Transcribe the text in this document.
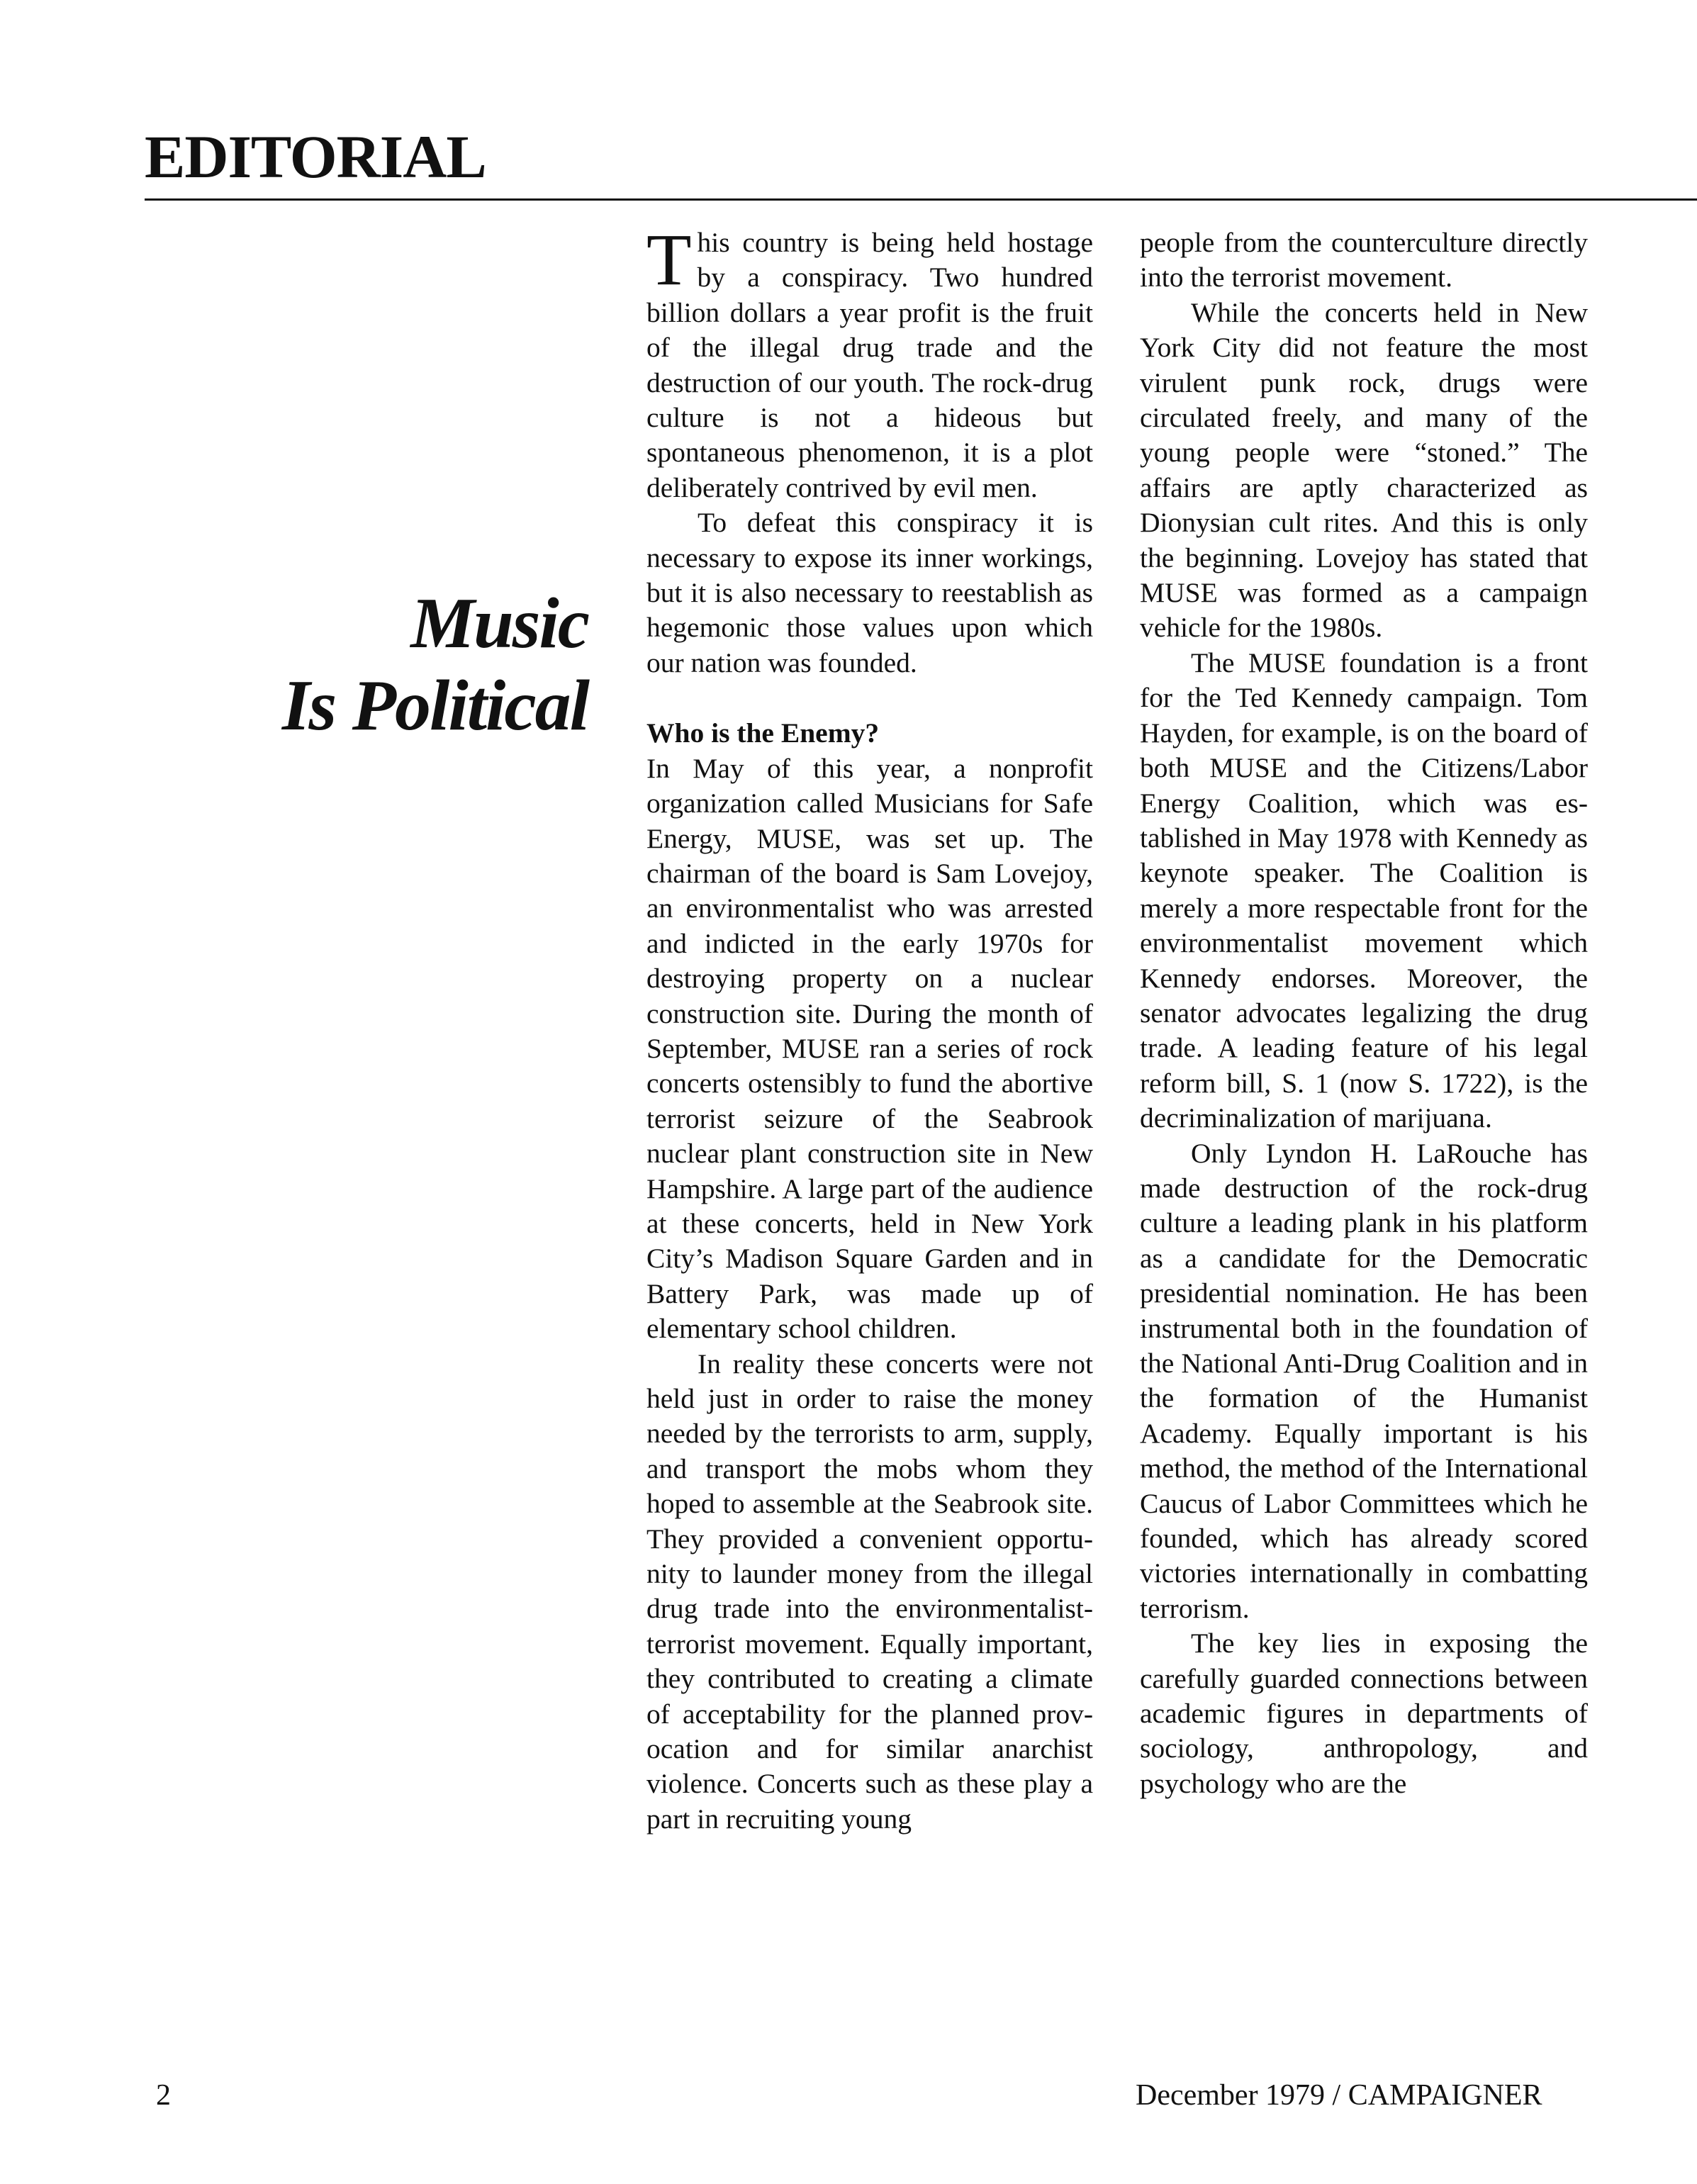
EDITORIAL
Music
Is Political

This country is being held hostage by a conspiracy. Two hundred billion dollars a year profit is the fruit of the illegal drug trade and the destruction of our youth. The rock-drug culture is not a hideous but spontaneous phenomenon, it is a plot deliberately contrived by evil men.

To defeat this conspiracy it is necessary to expose its inner workings, but it is also necessary to reestablish as hegemonic those values upon which our nation was founded.

Who is the Enemy?

In May of this year, a nonprofit organization called Musicians for Safe Energy, MUSE, was set up. The chairman of the board is Sam Lovejoy, an environmentalist who was arrested and indicted in the early 1970s for destroying property on a nuclear construction site. During the month of September, MUSE ran a series of rock concerts ostensibly to fund the abortive terrorist seizure of the Seabrook nuclear plant construction site in New Hampshire. A large part of the audience at these concerts, held in New York City’s Madison Square Garden and in Battery Park, was made up of elementary school children.

In reality these concerts were not held just in order to raise the money needed by the terrorists to arm, supply, and transport the mobs whom they hoped to assemble at the Seabrook site. They provided a convenient opportunity to launder money from the illegal drug trade into the environmentalist-terrorist movement. Equally important, they contributed to creating a climate of acceptability for the planned provocation and for similar anarchist violence. Concerts such as these play a part in recruiting young

people from the counterculture directly into the terrorist movement.

While the concerts held in New York City did not feature the most virulent punk rock, drugs were circulated freely, and many of the young people were “stoned.” The affairs are aptly characterized as Dionysian cult rites. And this is only the beginning. Lovejoy has stated that MUSE was formed as a campaign vehicle for the 1980s.

The MUSE foundation is a front for the Ted Kennedy campaign. Tom Hayden, for example, is on the board of both MUSE and the Citizens/Labor Energy Coalition, which was established in May 1978 with Kennedy as keynote speaker. The Coalition is merely a more respectable front for the environmentalist movement which Kennedy endorses. Moreover, the senator advocates legalizing the drug trade. A leading feature of his legal reform bill, S. 1 (now S. 1722), is the decriminalization of marijuana.

Only Lyndon H. LaRouche has made destruction of the rock-drug culture a leading plank in his platform as a candidate for the Democratic presidential nomination. He has been instrumental both in the foundation of the National Anti-Drug Coalition and in the formation of the Humanist Academy. Equally important is his method, the method of the International Caucus of Labor Committees which he founded, which has already scored victories internationally in combatting terrorism.

The key lies in exposing the carefully guarded connections between academic figures in departments of sociology, anthropology, and psychology who are the

2	December 1979 / CAMPAIGNER
